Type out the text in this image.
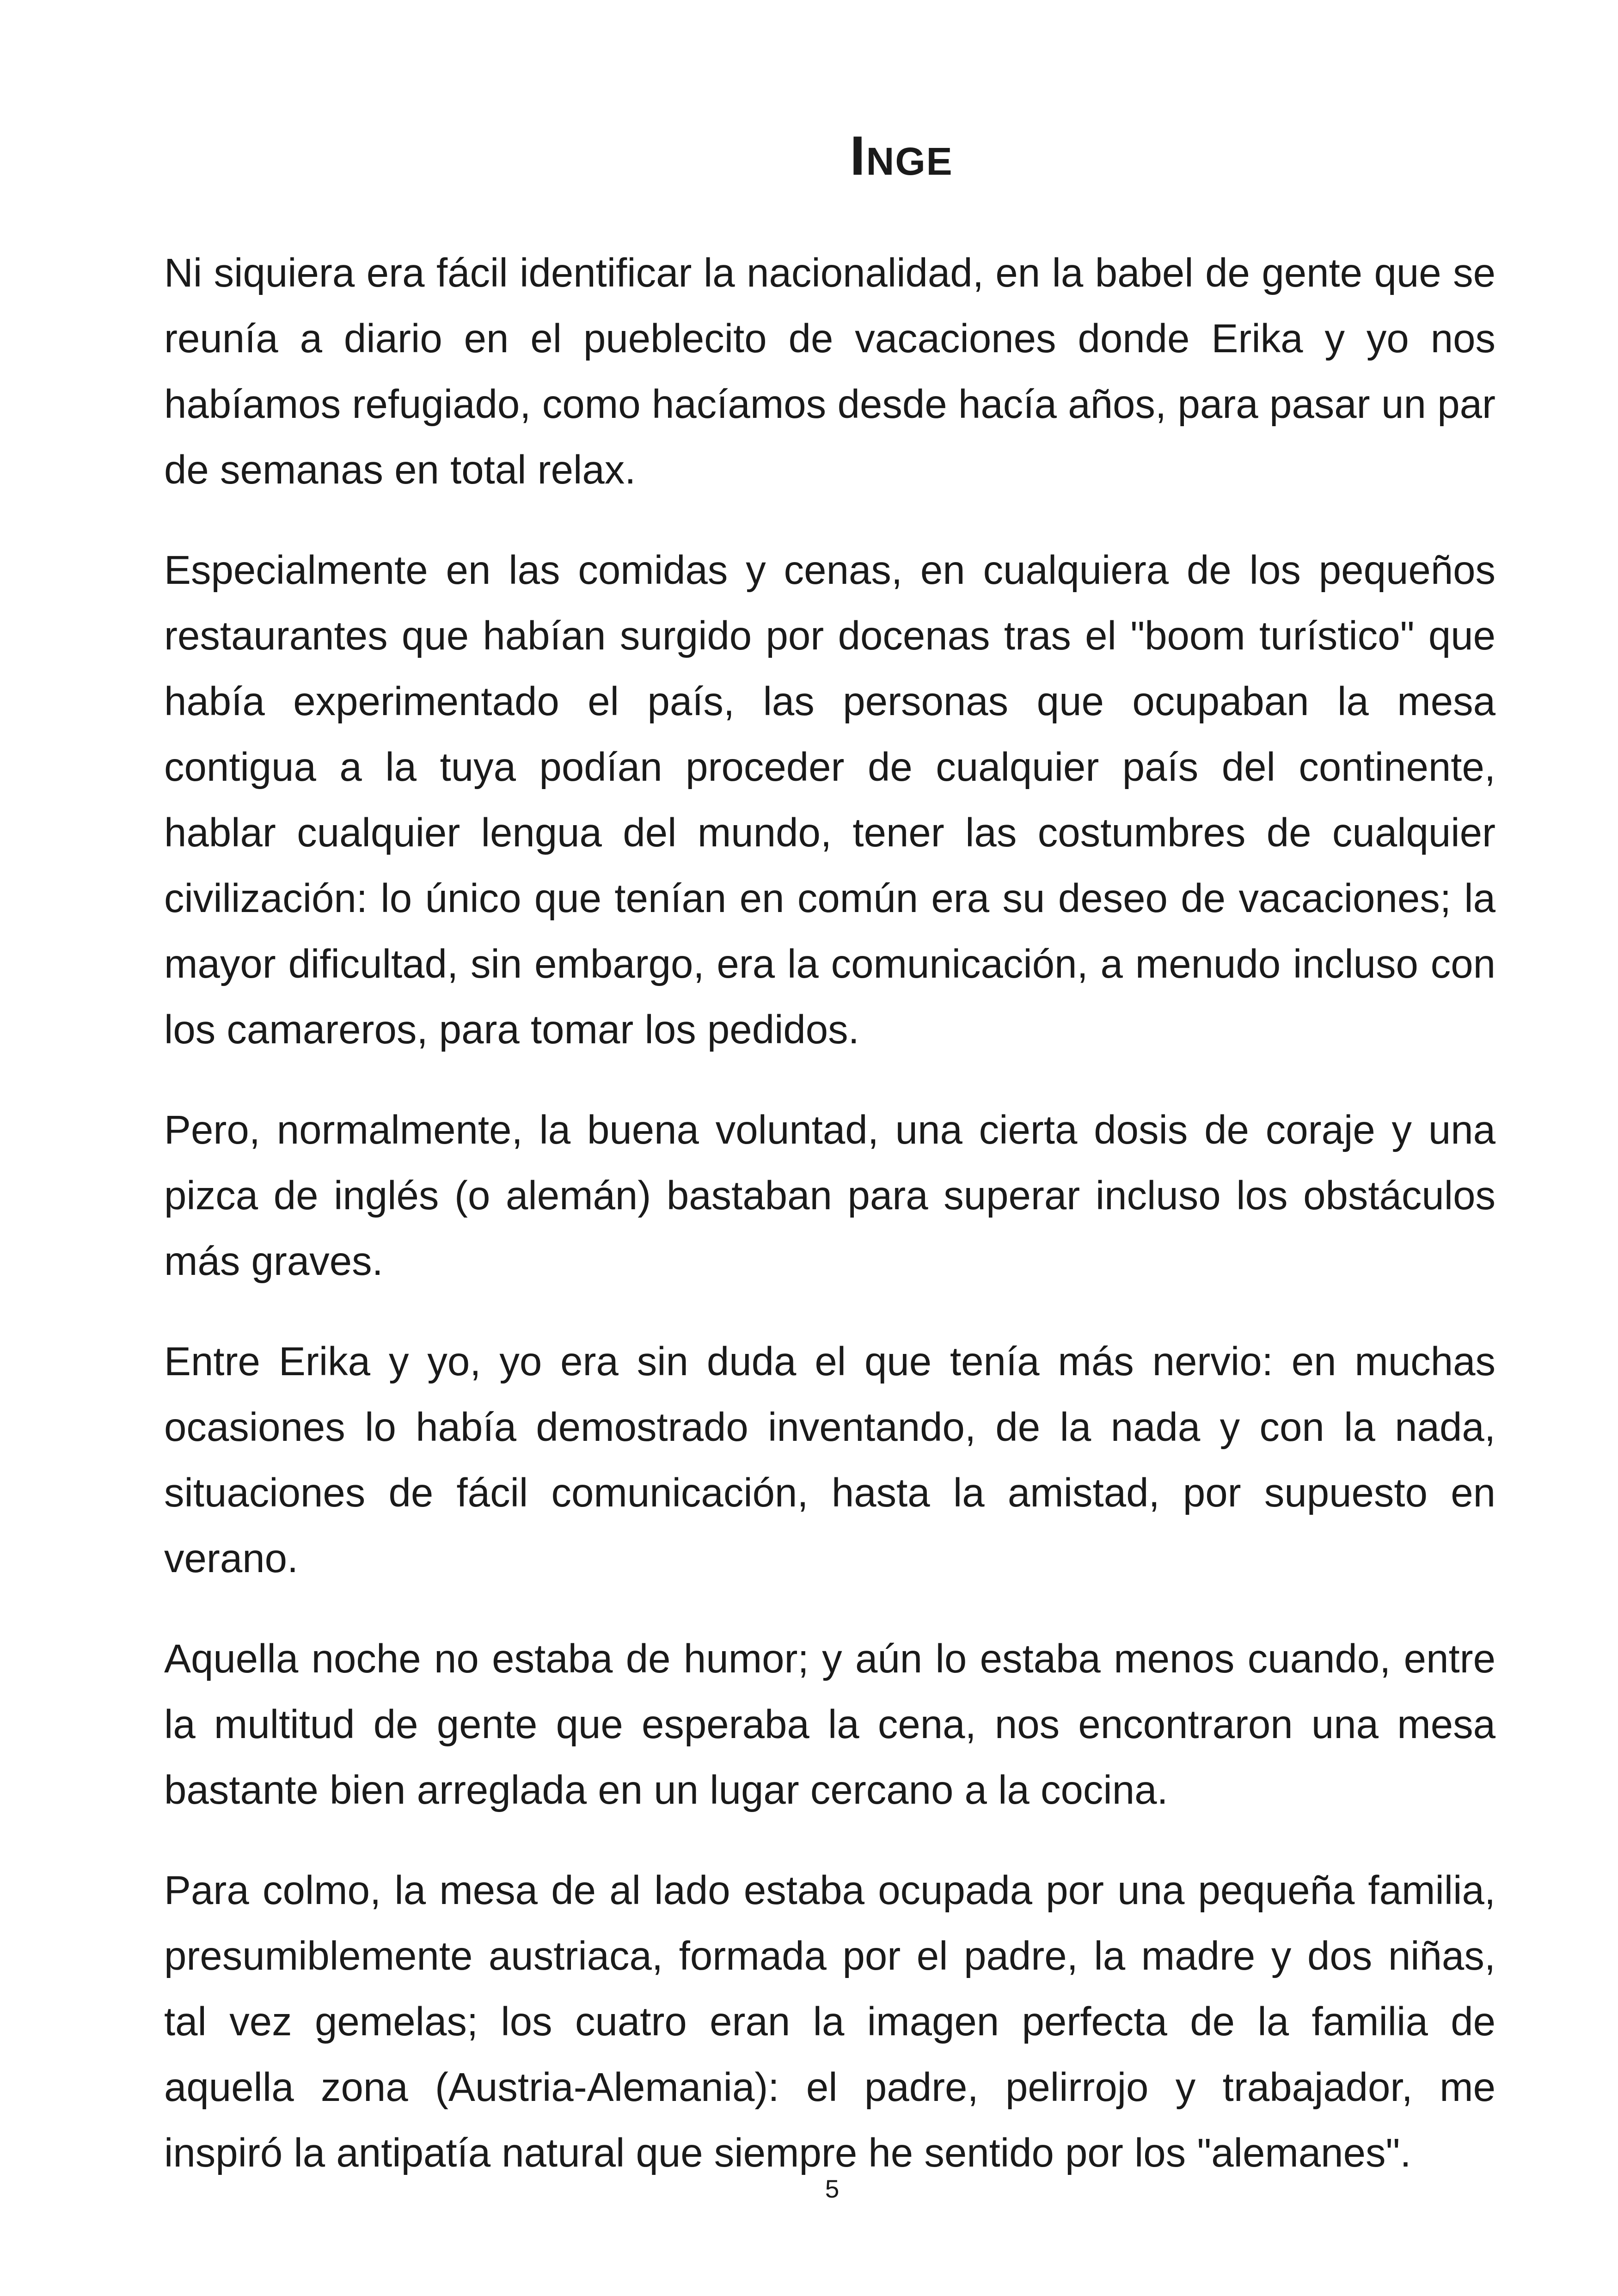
Inge

Ni siquiera era fácil identificar la nacionalidad, en la babel de gente que se reunía a diario en el pueblecito de vacaciones donde Erika y yo nos habíamos refugiado, como hacíamos desde hacía años, para pasar un par de semanas en total relax.

Especialmente en las comidas y cenas, en cualquiera de los pequeños restaurantes que habían surgido por docenas tras el "boom turístico" que había experimentado el país, las personas que ocupaban la mesa contigua a la tuya podían proceder de cualquier país del continente, hablar cualquier lengua del mundo, tener las costumbres de cualquier civilización: lo único que tenían en común era su deseo de vacaciones; la mayor dificultad, sin embargo, era la comunicación, a menudo incluso con los camareros, para tomar los pedidos.

Pero, normalmente, la buena voluntad, una cierta dosis de coraje y una pizca de inglés (o alemán) bastaban para superar incluso los obstáculos más graves.

Entre Erika y yo, yo era sin duda el que tenía más nervio: en muchas ocasiones lo había demostrado inventando, de la nada y con la nada, situaciones de fácil comunicación, hasta la amistad, por supuesto en verano.

Aquella noche no estaba de humor; y aún lo estaba menos cuando, entre la multitud de gente que esperaba la cena, nos encontraron una mesa bastante bien arreglada en un lugar cercano a la cocina.

Para colmo, la mesa de al lado estaba ocupada por una pequeña familia, presumiblemente austriaca, formada por el padre, la madre y dos niñas, tal vez gemelas; los cuatro eran la imagen perfecta de la familia de aquella zona (Austria-Alemania): el padre, pelirrojo y trabajador, me inspiró la antipatía natural que siempre he sentido por los "alemanes".

5
